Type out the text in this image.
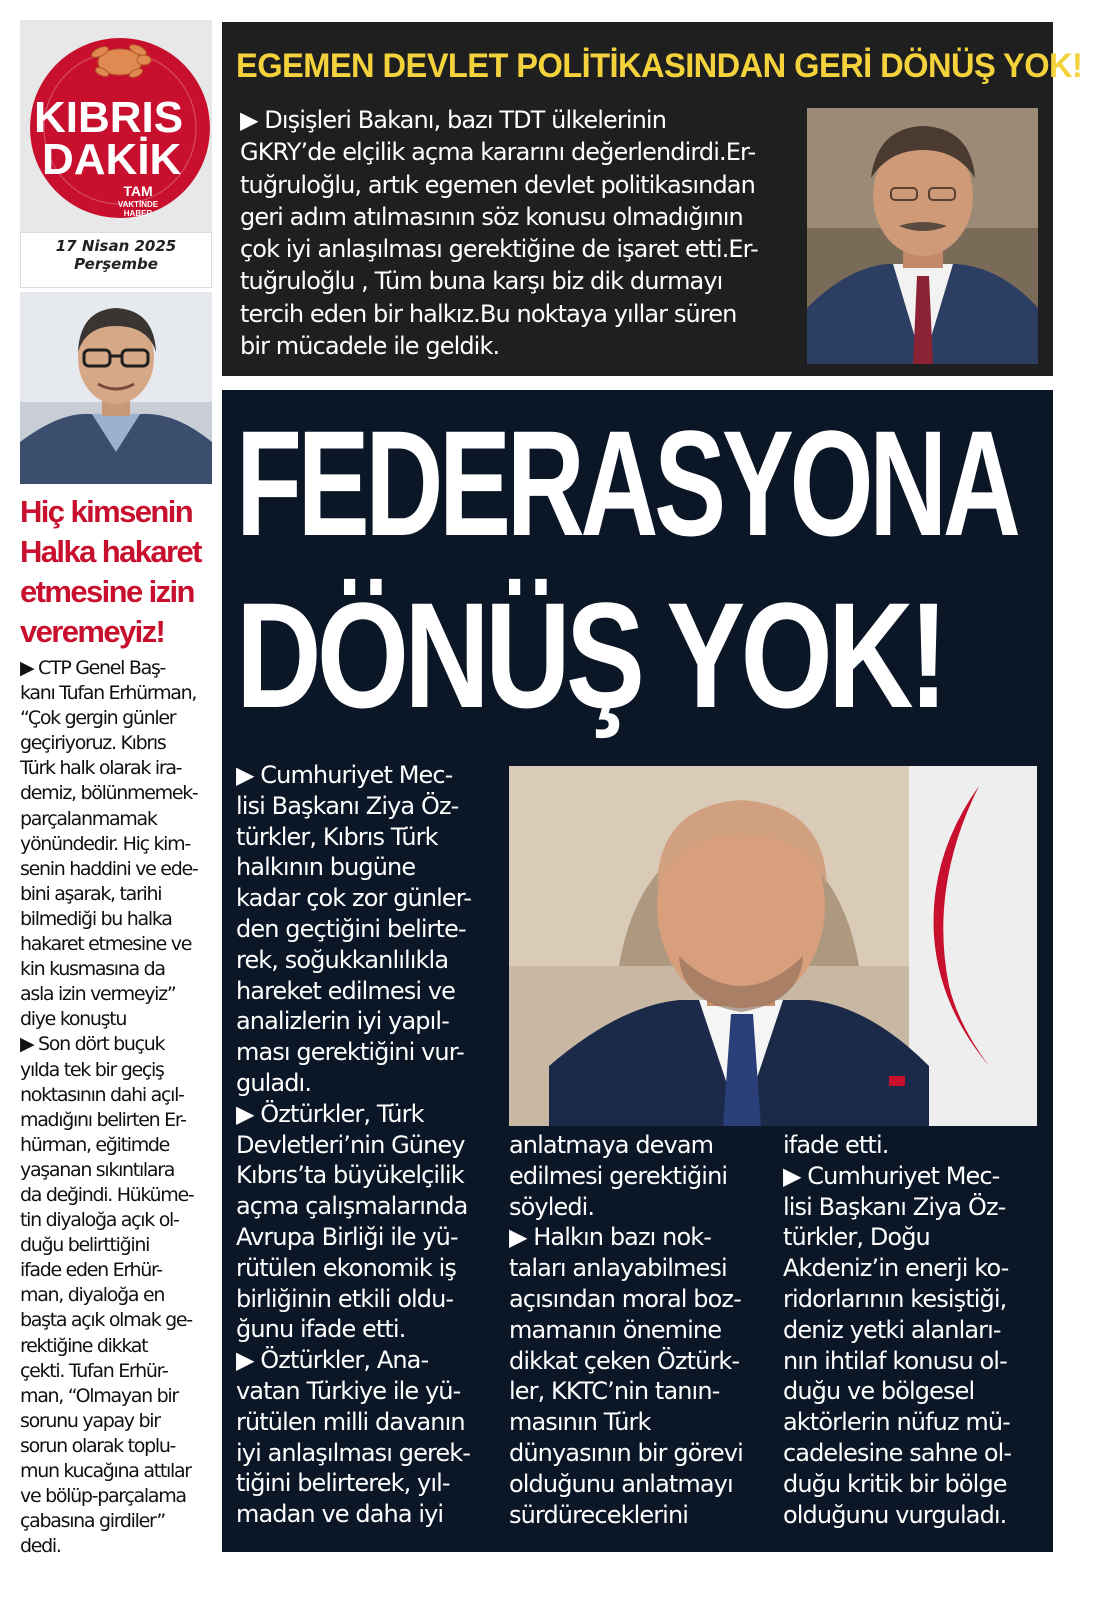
KIBRIS
DAKİK
TAM
VAKTİNDE
HABER
17 Nisan 2025
Perşembe
Hiç kimsenin
Halka hakaret
etmesine izin
veremeyiz!
▶ CTP Genel Baş-
kanı Tufan Erhürman,
“Çok gergin günler
geçiriyoruz. Kıbrıs
Türk halk olarak ira-
demiz, bölünmemek-
parçalanmamak
yönündedir. Hiç kim-
senin haddini ve ede-
bini aşarak, tarihi
bilmediği bu halka
hakaret etmesine ve
kin kusmasına da
asla izin vermeyiz”
diye konuştu
▶ Son dört buçuk
yılda tek bir geçiş
noktasının dahi açıl-
madığını belirten Er-
hürman, eğitimde
yaşanan sıkıntılara
da değindi. Hüküme-
tin diyaloğa açık ol-
duğu belirttiğini
ifade eden Erhür-
man, diyaloğa en
başta açık olmak ge-
rektiğine dikkat
çekti. Tufan Erhür-
man, “Olmayan bir
sorunu yapay bir
sorun olarak toplu-
mun kucağına attılar
ve bölüp-parçalama
çabasına girdiler”
dedi.
EGEMEN DEVLET POLİTİKASINDAN GERİ DÖNÜŞ YOK!
▶ Dışişleri Bakanı, bazı TDT ülkelerinin
GKRY’de elçilik açma kararını değerlendirdi.Er-
tuğruloğlu, artık egemen devlet politikasından
geri adım atılmasının söz konusu olmadığının
çok iyi anlaşılması gerektiğine de işaret etti.Er-
tuğruloğlu , Tüm buna karşı biz dik durmayı
tercih eden bir halkız.Bu noktaya yıllar süren
bir mücadele ile geldik.
FEDERASYONA
DÖNÜŞ YOK!
▶ Cumhuriyet Mec-
lisi Başkanı Ziya Öz-
türkler, Kıbrıs Türk
halkının bugüne
kadar çok zor günler-
den geçtiğini belirte-
rek, soğukkanlılıkla
hareket edilmesi ve
analizlerin iyi yapıl-
ması gerektiğini vur-
guladı.
▶ Öztürkler, Türk
Devletleri’nin Güney
Kıbrıs’ta büyükelçilik
açma çalışmalarında
Avrupa Birliği ile yü-
rütülen ekonomik iş
birliğinin etkili oldu-
ğunu ifade etti.
▶ Öztürkler, Ana-
vatan Türkiye ile yü-
rütülen milli davanın
iyi anlaşılması gerek-
tiğini belirterek, yıl-
madan ve daha iyi
anlatmaya devam
edilmesi gerektiğini
söyledi.
▶ Halkın bazı nok-
taları anlayabilmesi
açısından moral boz-
mamanın önemine
dikkat çeken Öztürk-
ler, KKTC’nin tanın-
masının Türk
dünyasının bir görevi
olduğunu anlatmayı
sürdüreceklerini
ifade etti.
▶ Cumhuriyet Mec-
lisi Başkanı Ziya Öz-
türkler, Doğu
Akdeniz’in enerji ko-
ridorlarının kesiştiği,
deniz yetki alanları-
nın ihtilaf konusu ol-
duğu ve bölgesel
aktörlerin nüfuz mü-
cadelesine sahne ol-
duğu kritik bir bölge
olduğunu vurguladı.
